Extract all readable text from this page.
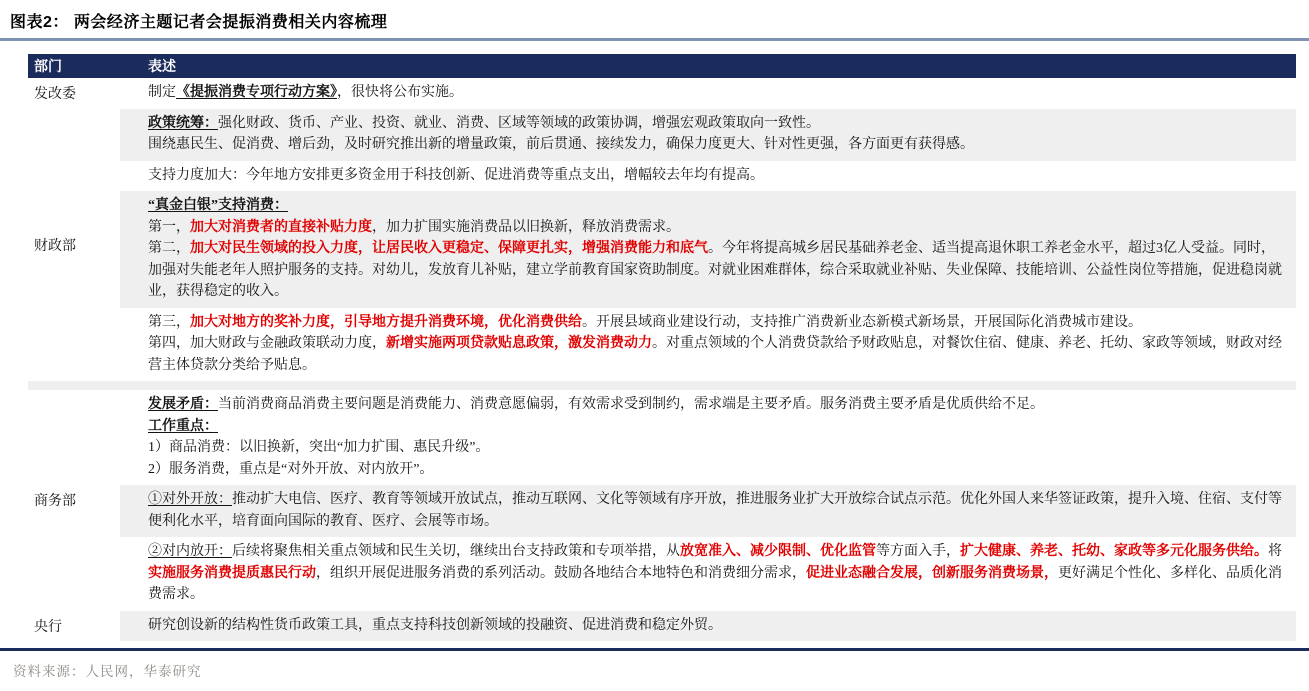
图表2： 两会经济主题记者会提振消费相关内容梳理
部门	表述
发改委	制定《提振消费专项行动方案》，很快将公布实施。

财政部	政策统筹：强化财政、货币、产业、投资、就业、消费、区域等领域的政策协调，增强宏观政策取向一致性。
围绕惠民生、促消费、增后劲，及时研究推出新的增量政策，前后贯通、接续发力，确保力度更大、针对性更强，各方面更有获得感。

	支持力度加大：今年地方安排更多资金用于科技创新、促进消费等重点支出，增幅较去年均有提高。

	“真金白银”支持消费：
第一，加大对消费者的直接补贴力度，加力扩围实施消费品以旧换新，释放消费需求。
第二，加大对民生领域的投入力度，让居民收入更稳定、保障更扎实，增强消费能力和底气。今年将提高城乡居民基础养老金、适当提高退休职工养老金水平，超过3亿人受益。同时，加强对失能老年人照护服务的支持。对幼儿，发放育儿补贴，建立学前教育国家资助制度。对就业困难群体，综合采取就业补贴、失业保障、技能培训、公益性岗位等措施，促进稳岗就业，获得稳定的收入。

	第三，加大对地方的奖补力度，引导地方提升消费环境，优化消费供给。开展县域商业建设行动，支持推广消费新业态新模式新场景，开展国际化消费城市建设。
第四，加大财政与金融政策联动力度，新增实施两项贷款贴息政策，激发消费动力。对重点领域的个人消费贷款给予财政贴息，对餐饮住宿、健康、养老、托幼、家政等领域，财政对经营主体贷款分类给予贴息。

商务部	发展矛盾：当前消费商品消费主要问题是消费能力、消费意愿偏弱，有效需求受到制约，需求端是主要矛盾。服务消费主要矛盾是优质供给不足。
工作重点：
1）商品消费：以旧换新，突出“加力扩围、惠民升级”。
2）服务消费，重点是“对外开放、对内放开”。

	①对外开放：推动扩大电信、医疗、教育等领域开放试点，推动互联网、文化等领域有序开放，推进服务业扩大开放综合试点示范。优化外国人来华签证政策，提升入境、住宿、支付等便利化水平，培育面向国际的教育、医疗、会展等市场。

	②对内放开：后续将聚焦相关重点领域和民生关切，继续出台支持政策和专项举措，从放宽准入、减少限制、优化监管等方面入手，扩大健康、养老、托幼、家政等多元化服务供给。将实施服务消费提质惠民行动，组织开展促进服务消费的系列活动。鼓励各地结合本地特色和消费细分需求，促进业态融合发展，创新服务消费场景，更好满足个性化、多样化、品质化消费需求。

央行	研究创设新的结构性货币政策工具，重点支持科技创新领域的投融资、促进消费和稳定外贸。
资料来源：人民网，华泰研究
